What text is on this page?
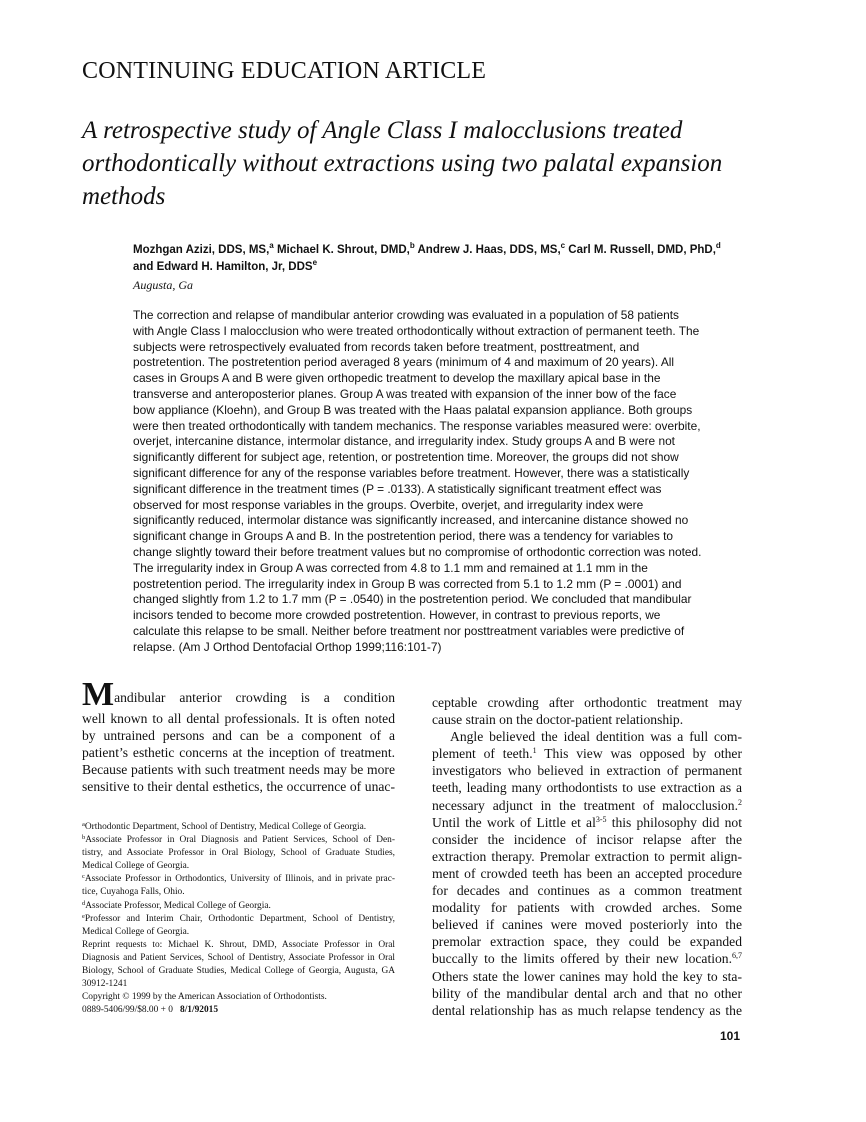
CONTINUING EDUCATION ARTICLE
A retrospective study of Angle Class I malocclusions treated orthodontically without extractions using two palatal expansion methods
Mozhgan Azizi, DDS, MS,$^a$ Michael K. Shrout, DMD,$^b$ Andrew J. Haas, DDS, MS,$^c$ Carl M. Russell, DMD, PhD,$^d$
and Edward H. Hamilton, Jr, DDS$^e$
Augusta, Ga
The correction and relapse of mandibular anterior crowding was evaluated in a population of 58 patients
with Angle Class I malocclusion who were treated orthodontically without extraction of permanent teeth. The
subjects were retrospectively evaluated from records taken before treatment, posttreatment, and
postretention. The postretention period averaged 8 years (minimum of 4 and maximum of 20 years). All
cases in Groups A and B were given orthopedic treatment to develop the maxillary apical base in the
transverse and anteroposterior planes. Group A was treated with expansion of the inner bow of the face
bow appliance (Kloehn), and Group B was treated with the Haas palatal expansion appliance. Both groups
were then treated orthodontically with tandem mechanics. The response variables measured were: overbite,
overjet, intercanine distance, intermolar distance, and irregularity index. Study groups A and B were not
significantly different for subject age, retention, or postretention time. Moreover, the groups did not show
significant difference for any of the response variables before treatment. However, there was a statistically
significant difference in the treatment times (P = .0133). A statistically significant treatment effect was
observed for most response variables in the groups. Overbite, overjet, and irregularity index were
significantly reduced, intermolar distance was significantly increased, and intercanine distance showed no
significant change in Groups A and B. In the postretention period, there was a tendency for variables to
change slightly toward their before treatment values but no compromise of orthodontic correction was noted.
The irregularity index in Group A was corrected from 4.8 to 1.1 mm and remained at 1.1 mm in the
postretention period. The irregularity index in Group B was corrected from 5.1 to 1.2 mm (P = .0001) and
changed slightly from 1.2 to 1.7 mm (P = .0540) in the postretention period. We concluded that mandibular
incisors tended to become more crowded postretention. However, in contrast to previous reports, we
calculate this relapse to be small. Neither before treatment nor posttreatment variables were predictive of
relapse. (Am J Orthod Dentofacial Orthop 1999;116:101-7)
Mandibular anterior crowding is a condition
well known to all dental professionals. It is often noted
by untrained persons and can be a component of a
patient’s esthetic concerns at the inception of treatment.
Because patients with such treatment needs may be more
sensitive to their dental esthetics, the occurrence of unac-
ceptable crowding after orthodontic treatment may
cause strain on the doctor-patient relationship.
Angle believed the ideal dentition was a full com-
plement of teeth.$^1$ This view was opposed by other
investigators who believed in extraction of permanent
teeth, leading many orthodontists to use extraction as a
necessary adjunct in the treatment of malocclusion.$^2$
Until the work of Little et $al^{3-5}$ this philosophy did not
consider the incidence of incisor relapse after the
extraction therapy. Premolar extraction to permit align-
ment of crowded teeth has been an accepted procedure
for decades and continues as a common treatment
modality for patients with crowded arches. Some
believed if canines were moved posteriorly into the
premolar extraction space, they could be expanded
buccally to the limits offered by their new location.$^{6,7}$
Others state the lower canines may hold the key to sta-
bility of the mandibular dental arch and that no other
dental relationship has as much relapse tendency as the
$^a$Orthodontic Department, School of Dentistry, Medical College of Georgia.
$^b$Associate Professor in Oral Diagnosis and Patient Services, School of Den-
tistry, and Associate Professor in Oral Biology, School of Graduate Studies,
Medical College of Georgia.
$^c$Associate Professor in Orthodontics, University of Illinois, and in private prac-
tice, Cuyahoga Falls, Ohio.
$^d$Associate Professor, Medical College of Georgia.
$^e$Professor and Interim Chair, Orthodontic Department, School of Dentistry,
Medical College of Georgia.
Reprint requests to: Michael K. Shrout, DMD, Associate Professor in Oral
Diagnosis and Patient Services, School of Dentistry, Associate Professor in Oral
Biology, School of Graduate Studies, Medical College of Georgia, Augusta, GA
30912-1241
Copyright © 1999 by the American Association of Orthodontists.
0889-5406/99/$8.00 + 0 8/1/92015
101
